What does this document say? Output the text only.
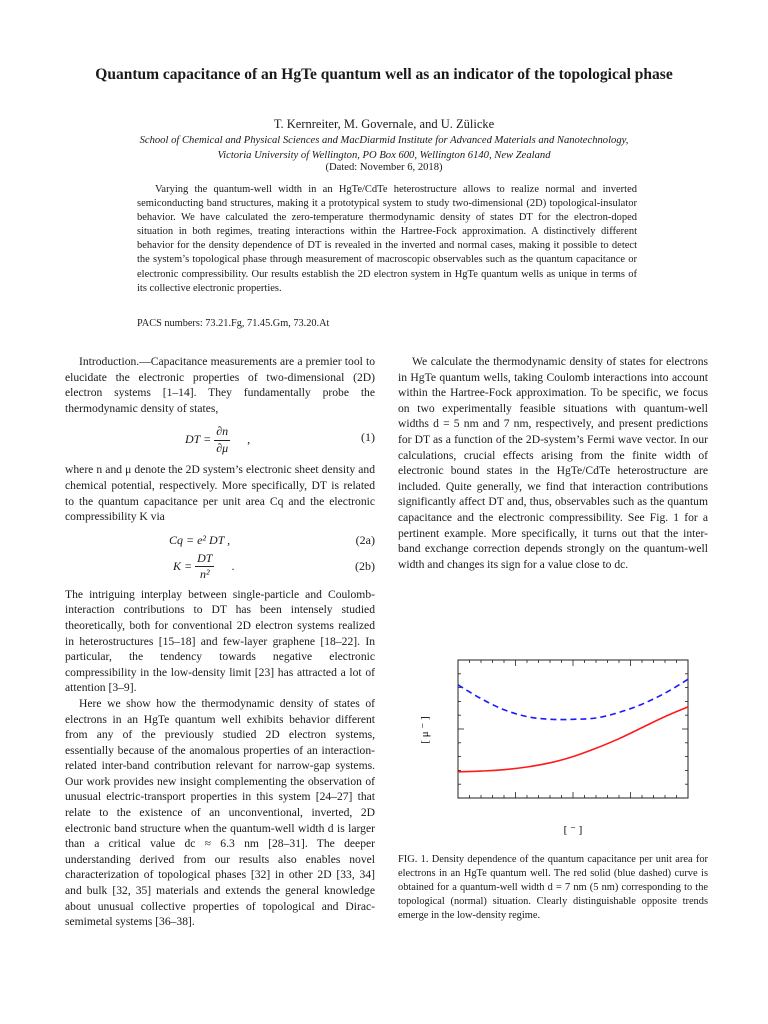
Quantum capacitance of an HgTe quantum well as an indicator of the topological phase
T. Kernreiter, M. Governale, and U. Zülicke
School of Chemical and Physical Sciences and MacDiarmid Institute for Advanced Materials and Nanotechnology,
Victoria University of Wellington, PO Box 600, Wellington 6140, New Zealand
(Dated: November 6, 2018)
Varying the quantum-well width in an HgTe/CdTe heterostructure allows to realize normal and inverted semiconducting band structures, making it a prototypical system to study two-dimensional (2D) topological-insulator behavior. We have calculated the zero-temperature thermodynamic density of states DT for the electron-doped situation in both regimes, treating interactions within the Hartree-Fock approximation. A distinctively different behavior for the density dependence of DT is revealed in the inverted and normal cases, making it possible to detect the system’s topological phase through measurement of macroscopic observables such as the quantum capacitance or electronic compressibility. Our results establish the 2D electron system in HgTe quantum wells as unique in terms of its collective electronic properties.
PACS numbers: 73.21.Fg, 71.45.Gm, 73.20.At

Introduction.—Capacitance measurements are a premier tool to elucidate the electronic properties of two-dimensional (2D) electron systems [1–14]. They fundamentally probe the thermodynamic density of states,

DT = $\frac{\partial n}{\partial\mu}$ ,	(1)

where n and μ denote the 2D system’s electronic sheet density and chemical potential, respectively. More specifically, DT is related to the quantum capacitance per unit area Cq and the electronic compressibility K via

Cq = e² DT ,	(2a)
$K = \frac{DT}{\text{n²}}$ .	(2b)

The intriguing interplay between single-particle and Coulomb-interaction contributions to DT has been intensely studied theoretically, both for conventional 2D electron systems realized in heterostructures [15–18] and few-layer graphene [18–22]. In particular, the tendency towards negative electronic compressibility in the low-density limit [23] has attracted a lot of attention [3–9].

Here we show how the thermodynamic density of states of electrons in an HgTe quantum well exhibits behavior different from any of the previously studied 2D electron systems, essentially because of the anomalous properties of an interaction-related inter-band contribution relevant for narrow-gap systems. Our work provides new insight complementing the observation of unusual electric-transport properties in this system [24–27] that relate to the existence of an unconventional, inverted, 2D electronic band structure when the quantum-well width d is larger than a critical value dc ≈ 6.3 nm [28–31]. The deeper understanding derived from our results also enables novel characterization of topological phases [32] in other 2D [33, 34] and bulk [32, 35] materials and extends the general knowledge about unusual collective properties of topological and Dirac-semimetal systems [36–38].

We calculate the thermodynamic density of states for electrons in HgTe quantum wells, taking Coulomb interactions into account within the Hartree-Fock approximation. To be specific, we focus on two experimentally feasible situations with quantum-well widths d = 5 nm and 7 nm, respectively, and present predictions for DT as a function of the 2D-system’s Fermi wave vector. In our calculations, crucial effects arising from the finite width of electronic bound states in the HgTe/CdTe heterostructure are included. Quite generally, we find that interaction contributions significantly affect DT and, thus, observables such as the quantum capacitance and the electronic compressibility. See Fig. 1 for a pertinent example. More specifically, it turns out that the inter-band exchange correction depends strongly on the quantum-well width and changes its sign for a value close to dc.

[ μ ⁻ ]
[ ⁻ ]
FIG. 1. Density dependence of the quantum capacitance per unit area for electrons in an HgTe quantum well. The red solid (blue dashed) curve is obtained for a quantum-well width d = 7 nm (5 nm) corresponding to the topological (normal) situation. Clearly distinguishable opposite trends emerge in the low-density regime.
